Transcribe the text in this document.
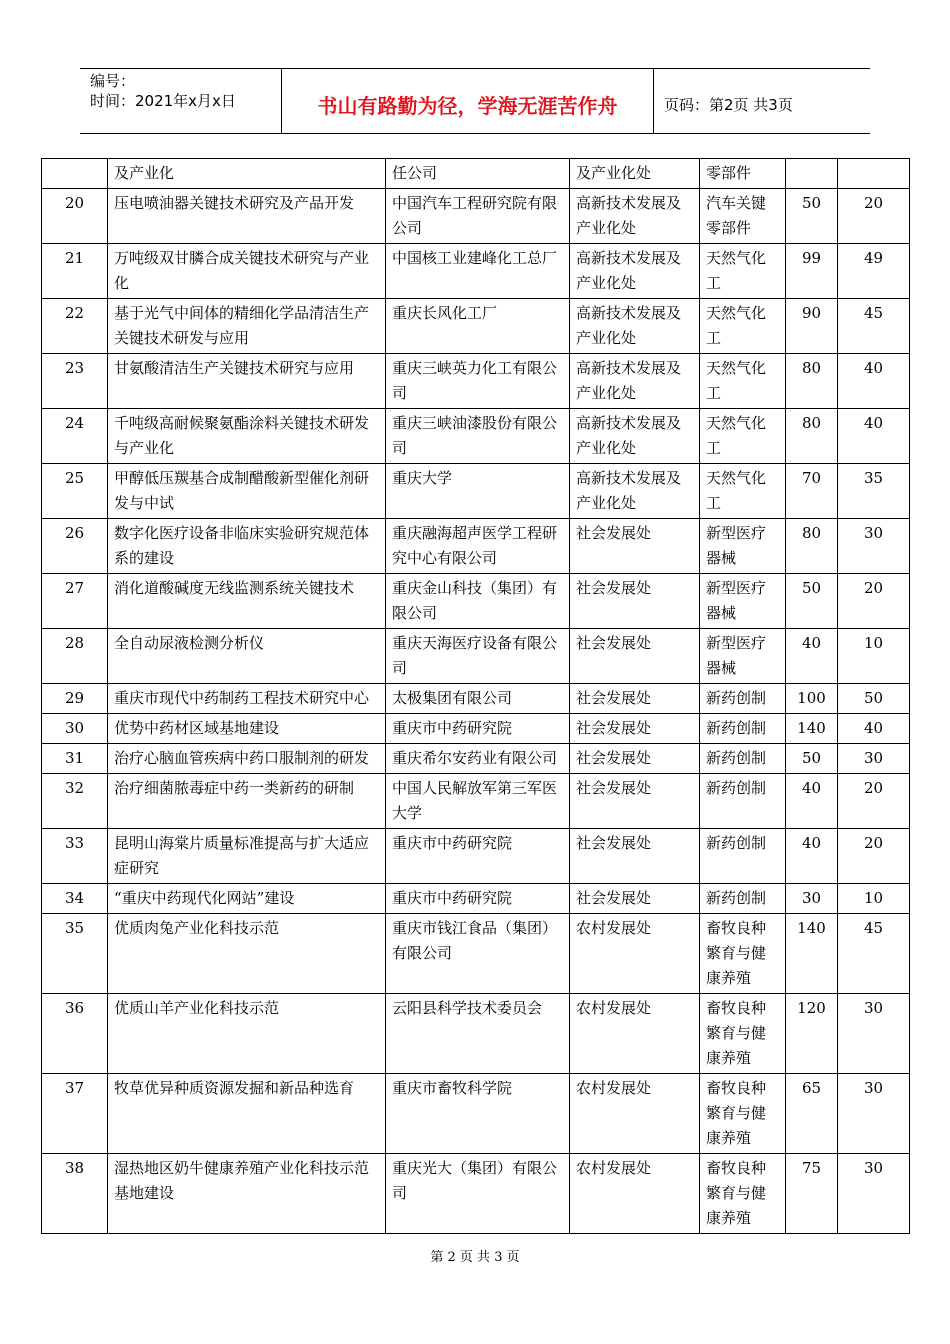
编号：
时间：2021年x月x日	书山有路勤为径，学海无涯苦作舟	页码：第2页 共3页
	及产业化	任公司	及产业化处	零部件		
20	压电喷油器关键技术研究及产品开发	中国汽车工程研究院有限公司	高新技术发展及产业化处	汽车关键零部件	50	20
21	万吨级双甘膦合成关键技术研究与产业化	中国核工业建峰化工总厂	高新技术发展及产业化处	天然气化工	99	49
22	基于光气中间体的精细化学品清洁生产关键技术研发与应用	重庆长风化工厂	高新技术发展及产业化处	天然气化工	90	45
23	甘氨酸清洁生产关键技术研究与应用	重庆三峡英力化工有限公司	高新技术发展及产业化处	天然气化工	80	40
24	千吨级高耐候聚氨酯涂料关键技术研发与产业化	重庆三峡油漆股份有限公司	高新技术发展及产业化处	天然气化工	80	40
25	甲醇低压羰基合成制醋酸新型催化剂研发与中试	重庆大学	高新技术发展及产业化处	天然气化工	70	35
26	数字化医疗设备非临床实验研究规范体系的建设	重庆融海超声医学工程研究中心有限公司	社会发展处	新型医疗器械	80	30
27	消化道酸碱度无线监测系统关键技术	重庆金山科技（集团）有限公司	社会发展处	新型医疗器械	50	20
28	全自动尿液检测分析仪	重庆天海医疗设备有限公司	社会发展处	新型医疗器械	40	10
29	重庆市现代中药制药工程技术研究中心	太极集团有限公司	社会发展处	新药创制	100	50
30	优势中药材区域基地建设	重庆市中药研究院	社会发展处	新药创制	140	40
31	治疗心脑血管疾病中药口服制剂的研发	重庆希尔安药业有限公司	社会发展处	新药创制	50	30
32	治疗细菌脓毒症中药一类新药的研制	中国人民解放军第三军医大学	社会发展处	新药创制	40	20
33	昆明山海棠片质量标准提高与扩大适应症研究	重庆市中药研究院	社会发展处	新药创制	40	20
34	“重庆中药现代化网站”建设	重庆市中药研究院	社会发展处	新药创制	30	10
35	优质肉兔产业化科技示范	重庆市钱江食品（集团）有限公司	农村发展处	畜牧良种繁育与健康养殖	140	45
36	优质山羊产业化科技示范	云阳县科学技术委员会	农村发展处	畜牧良种繁育与健康养殖	120	30
37	牧草优异种质资源发掘和新品种选育	重庆市畜牧科学院	农村发展处	畜牧良种繁育与健康养殖	65	30
38	湿热地区奶牛健康养殖产业化科技示范基地建设	重庆光大（集团）有限公司	农村发展处	畜牧良种繁育与健康养殖	75	30
第 2 页 共 3 页
